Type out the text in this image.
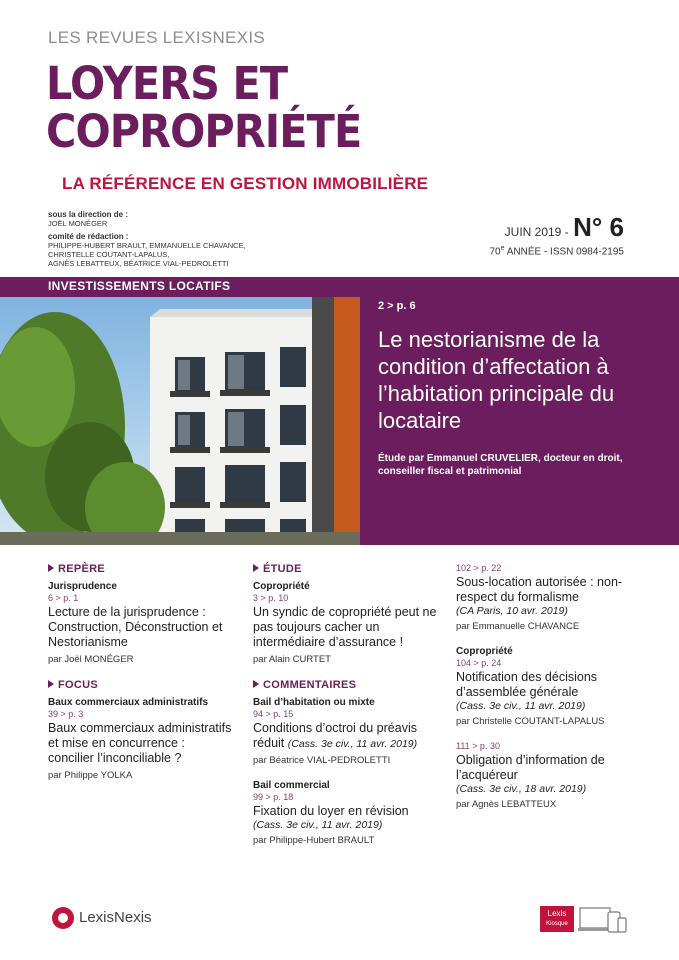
LES REVUES LEXISNEXIS
LOYERS ET
COPROPRIÉTÉ
LA RÉFÉRENCE EN GESTION IMMOBILIÈRE
sous la direction de :
JOËL MONÉGER
comité de rédaction :
PHILIPPE-HUBERT BRAULT, EMMANUELLE CHAVANCE,
CHRISTELLE COUTANT-LAPALUS,
AGNÈS LEBATTEUX, BÉATRICE VIAL-PEDROLETTI
JUIN 2019 - N° 6
70e ANNÉE - ISSN 0984-2195
INVESTISSEMENTS LOCATIFS
2 > p. 6
Le nestorianisme de la condition d’affectation à l’habitation principale du locataire
Étude par Emmanuel CRUVELIER, docteur en droit, conseiller fiscal et patrimonial
REPÈRE
Jurisprudence
6 > p. 1
Lecture de la jurisprudence : Construction, Déconstruction et Nestorianisme
par Joël MONÉGER
FOCUS
Baux commerciaux administratifs
39 > p. 3
Baux commerciaux administratifs et mise en concurrence : concilier l’inconciliable ?
par Philippe YOLKA
ÉTUDE
Copropriété
3 > p. 10
Un syndic de copropriété peut ne pas toujours cacher un intermédiaire d’assurance !
par Alain CURTET
COMMENTAIRES
Bail d’habitation ou mixte
94 > p. 15
Conditions d’octroi du préavis réduit (Cass. 3e civ., 11 avr. 2019)
par Béatrice VIAL-PEDROLETTI
Bail commercial
99 > p. 18
Fixation du loyer en révision
(Cass. 3e civ., 11 avr. 2019)
par Philippe-Hubert BRAULT
102 > p. 22
Sous-location autorisée : non-respect du formalisme
(CA Paris, 10 avr. 2019)
par Emmanuelle CHAVANCE
Copropriété
104 > p. 24
Notification des décisions d’assemblée générale
(Cass. 3e civ., 11 avr. 2019)
par Christelle COUTANT-LAPALUS
111 > p. 30
Obligation d’information de l’acquéreur
(Cass. 3e civ., 18 avr. 2019)
par Agnès LEBATTEUX
LexisNexis	Lexis
Kiosque
